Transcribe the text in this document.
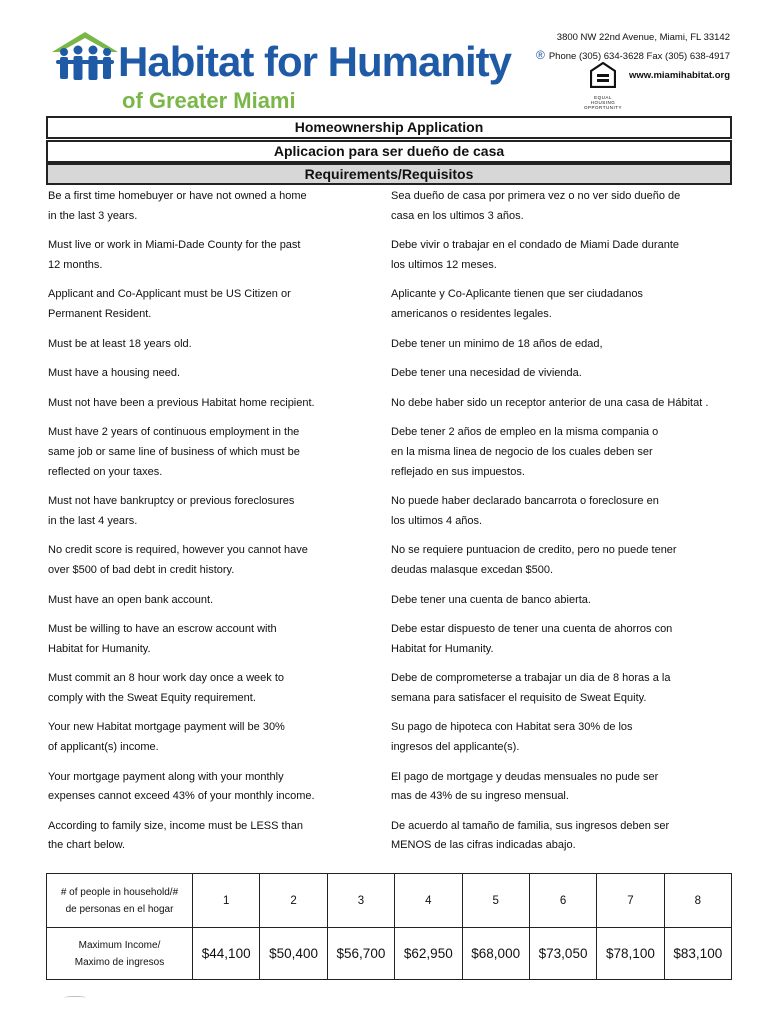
Habitat for Humanity ®
of Greater Miami
3800 NW 22nd Avenue, Miami, FL 33142
Phone (305) 634-3628 Fax (305) 638-4917
www.miamihabitat.org
EQUAL HOUSING OPPORTUNITY
Homeownership Application
Aplicacion para ser dueño de casa
Requirements/Requisitos
Be a first time homebuyer or have not owned a home
in the last 3 years.
Sea dueño de casa por primera vez o no ver sido dueño de
casa en los ultimos 3 años.
Must live or work in Miami-Dade County for the past
12 months.
Debe vivir o trabajar en el condado de Miami Dade durante
los ultimos 12 meses.
Applicant and Co-Applicant must be US Citizen or
Permanent Resident.
Aplicante y Co-Aplicante tienen que ser ciudadanos
americanos o residentes legales.
Must be at least 18 years old.	Debe tener un minimo de 18 años de edad,
Must have a housing need.	Debe tener una necesidad de vivienda.
Must not have been a previous Habitat home recipient.	No debe haber sido un receptor anterior de una casa de Hábitat .
Must have 2 years of continuous employment in the
same job or same line of business of which must be
reflected on your taxes.
Debe tener 2 años de empleo en la misma compania o
en la misma linea de negocio de los cuales deben ser
reflejado en sus impuestos.
Must not have bankruptcy or previous foreclosures
in the last 4 years.
No puede haber declarado bancarrota o foreclosure en
los ultimos 4 años.
No credit score is required, however you cannot have
over $500 of bad debt in credit history.
No se requiere puntuacion de credito, pero no puede tener
deudas malasque excedan $500.
Must have an open bank account.	Debe tener una cuenta de banco abierta.
Must be willing to have an escrow account with
Habitat for Humanity.
Debe estar dispuesto de tener una cuenta de ahorros con
Habitat for Humanity.
Must commit an 8 hour work day once a week to
comply with the Sweat Equity requirement.
Debe de comprometerse a trabajar un dia de 8 horas a la
semana para satisfacer el requisito de Sweat Equity.
Your new Habitat mortgage payment will be 30%
of applicant(s) income.
Su pago de hipoteca con Habitat sera 30% de los
ingresos del applicante(s).
Your mortgage payment along with your monthly
expenses cannot exceed 43% of your monthly income.
El pago de mortgage y deudas mensuales no pude ser
mas de 43% de su ingreso mensual.
According to family size, income must be LESS than
the chart below.
De acuerdo al tamaño de familia, sus ingresos deben ser
MENOS de las cifras indicadas abajo.
# of people in household/#
de personas en el hogar	1	2	3	4	5	6	7	8
Maximum Income/
Maximo de ingresos	$44,100	$50,400	$56,700	$62,950	$68,000	$73,050	$78,100	$83,100
